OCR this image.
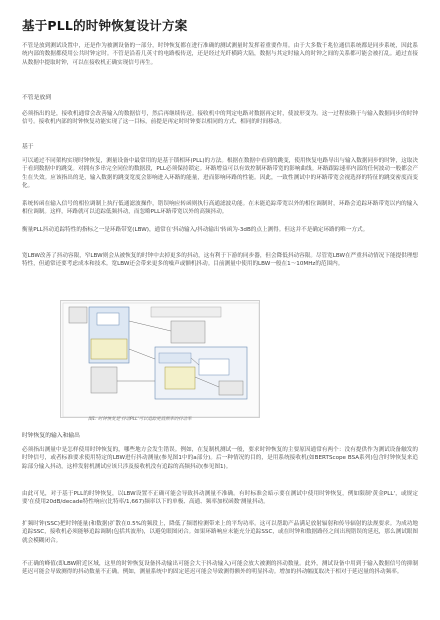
基于PLL的时钟恢复设计方案
不管是放到测试设置中，还是作为被测设备的一部分，时钟恢复都在进行准确的测试测量时发挥着重要作用。由于大多数千兆位通信系统都是同步系统，因此系统内部的数据都使用公共时钟定时。不管是沿着几英寸的电路板传送，还是经过光纤横跨大陆，数据与其定时输入的时钟之间的关系都可能会被打乱。通过直接从数据中提取时钟，可以在接收机正确实现信号再生。
不管是放到
必须指出的是，接收机通常会改善输入的数据信号，然后再继续传送。接收机中的判定电路对数据再定时，使波形变为。这一过程依赖于与输入数据同步的时钟信号。接收机内部的时钟恢复功能实现了这一目标，前提是再定时时钟要以相同的方式、相同的时间移动。
基于
可以通过不同架构实现时钟恢复，测量设备中最常用的是基于锁相环(PLL)的方法。根据在数据中看到的跳变，使用恢复电路导出与输入数据同步的时钟，这取决于看到数据中的跳变。对拥有多串完全同位的数据段，PLL必须保持锁定。环路增益可以有效控制环路带宽的影响曲线。环路跟踪速率内部的任何波动一般都会产生在失效。应该指出的是，输入数据的跳变宽度会影响进入环路的能量，进而影响环路的性能。因此，一致性测试中的环路带宽会视选择的特征的跳变密度而变化。
系统转函在输入信号的相位调制上执行低通滤波操作，错误响应转函则执行高通滤波功能。在未能追踪带宽以外的相位调制时，环路会追踪环路带宽以内的输入相位调制。这样，环路就可以追踪低频抖动，而忽略PLL环路带宽以外的高频抖动。
衡量PLL抖动追踪特性的指标之一是环路带宽(LBW)，通常在'抖动输入/抖动输出'转函为-3dB的点上测得。但这并不是确定环路的唯一方式。
宽LBW改善了抖动容限，窄LBW则会从被恢复的时钟中去掉更多的抖动，这有利于下游的同步器，但会降低抖动容限。尽管宽LBW在严重抖动情况下能提供理想特性，但通常还要考虑成本和技术。宽LBW还会带来更多的噪声或额机抖动。目前测量中使用的LBW一般在1～10MHz的范围内。
图1: 时钟恢复是'抖动PLL'可以追踪更低频率的抖动率
时钟恢复的输入和输出
必须指出测量中是怎样使用时钟恢复的，哪些地方会发生错误。例如，在复制机测试一般，要求时钟恢复的主要原因通常有两个：没有提供作为测试设备触发的时钟信号，或者标准要求使用特定的LBW进行抖动测量(参见图1中的a部分)。后一种情况的目的，是用系统接收机(如BERTScope BSA系列)包含时钟恢复来追踪部分输入抖动，这样发射机测试应该只涉及接收机没有追踪的高频抖动(参见图1)。
由此可见，对于基于PLL的时钟恢复，以LBW设置不正确可能会导致抖动测量不准确。有时标准会暗示要在测试中使用时钟恢复，例如限制'黄金PLL'，或规定要'在使用20dB/decade特性响应(比特率/1,667)频率以下的单极、高通、频率加权函数'测量抖动。
扩频时钟(SSC)把时钟能量(和数据)扩散在0.5%的频段上，降低了频谱检测带来上的平均功率。这可以帮助产品满足放射辐射和传导辐射的法规要求。为成功地追踪SSC，接收机必须能够追踪调制(包括其波形)，以避免眼图闭合。如果环路响应未能充分追踪SSC，或在时钟和数据路径之间出现错误的延迟，那么测试眼图就会模糊闭合。
不正确的峰值(即LBW附近区域，这里的时钟恢复设备抖动输出可能会大于抖动输入)可能会放大被测的抖动数量。此外，测试设备中用到于输入数据信号的抑制延迟可能会导致测得的抖动数量不正确。例如，测量系统中的固定延迟可能会导致测得额外的明显抖动。增加的抖动幅度取决于相对于延迟量的抖动频率。
